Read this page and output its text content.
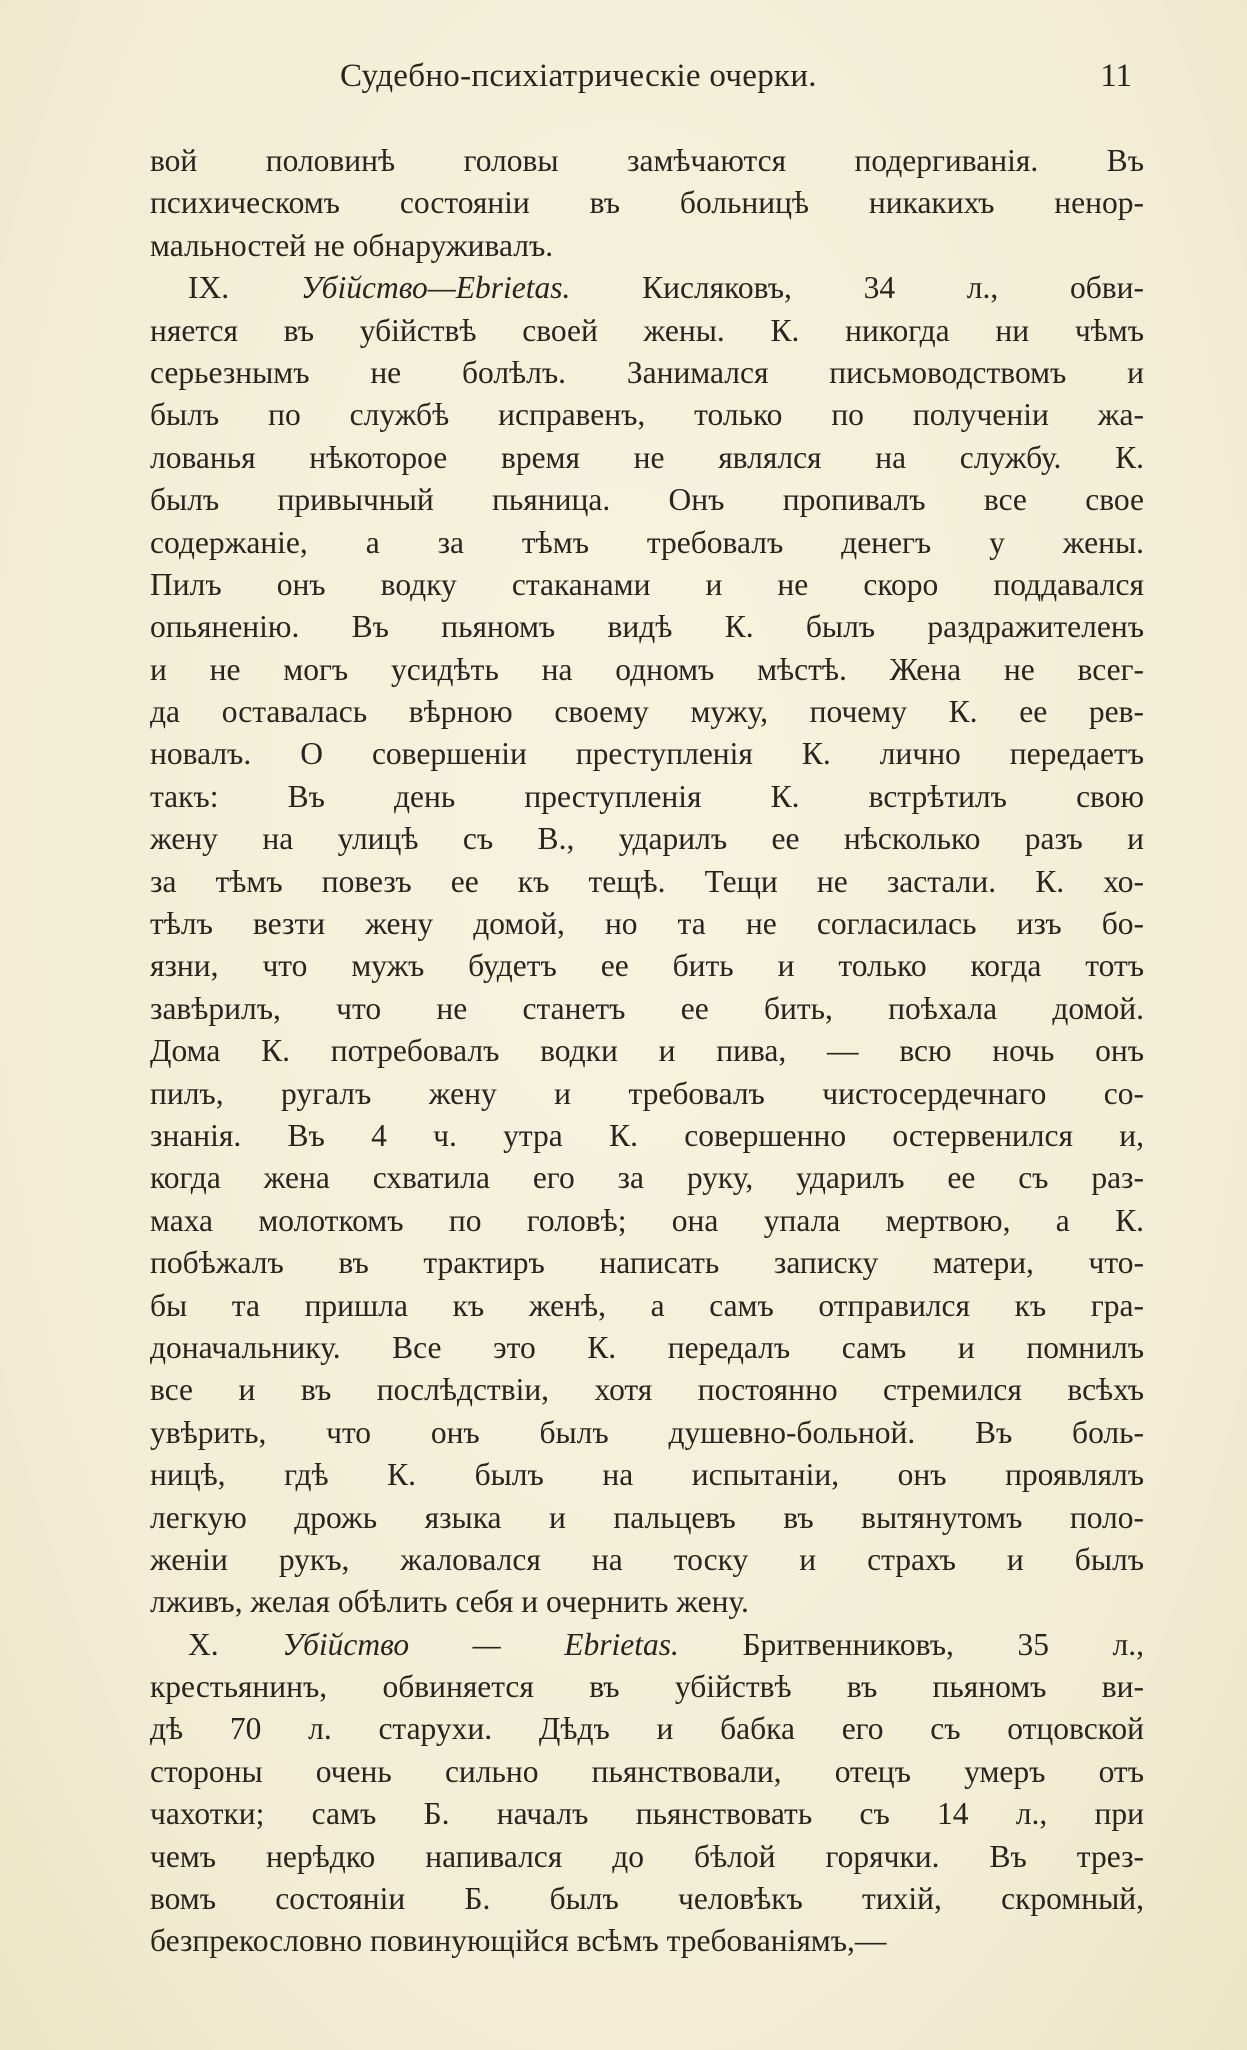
Судебно-психіатрическіе очерки.	11
вой половинѣ головы замѣчаются подергиванія. Въ
психическомъ состояніи въ больницѣ никакихъ ненор-
мальностей не обнаруживалъ.
IX. Убійство—Ebrietas. Кисляковъ, 34 л., обви-
няется въ убійствѣ своей жены. К. никогда ни чѣмъ
серьезнымъ не болѣлъ. Занимался письмоводствомъ и
былъ по службѣ исправенъ, только по полученіи жа-
лованья нѣкоторое время не являлся на службу. К.
былъ привычный пьяница. Онъ пропивалъ все свое
содержаніе, а за тѣмъ требовалъ денегъ у жены.
Пилъ онъ водку стаканами и не скоро поддавался
опьяненію. Въ пьяномъ видѣ К. былъ раздражителенъ
и не могъ усидѣть на одномъ мѣстѣ. Жена не всег-
да оставалась вѣрною своему мужу, почему К. ее рев-
новалъ. О совершеніи преступленія К. лично передаетъ
такъ: Въ день преступленія К. встрѣтилъ свою
жену на улицѣ съ В., ударилъ ее нѣсколько разъ и
за тѣмъ повезъ ее къ тещѣ. Тещи не застали. К. хо-
тѣлъ везти жену домой, но та не согласилась изъ бо-
язни, что мужъ будетъ ее бить и только когда тотъ
завѣрилъ, что не станетъ ее бить, поѣхала домой.
Дома К. потребовалъ водки и пива, — всю ночь онъ
пилъ, ругалъ жену и требовалъ чистосердечнаго со-
знанія. Въ 4 ч. утра К. совершенно остервенился и,
когда жена схватила его за руку, ударилъ ее съ раз-
маха молоткомъ по головѣ; она упала мертвою, а К.
побѣжалъ въ трактиръ написать записку матери, что-
бы та пришла къ женѣ, а самъ отправился къ гра-
доначальнику. Все это К. передалъ самъ и помнилъ
все и въ послѣдствіи, хотя постоянно стремился всѣхъ
увѣрить, что онъ былъ душевно-больной. Въ боль-
ницѣ, гдѣ К. былъ на испытаніи, онъ проявлялъ
легкую дрожь языка и пальцевъ въ вытянутомъ поло-
женіи рукъ, жаловался на тоску и страхъ и былъ
лживъ, желая обѣлить себя и очернить жену.
X. Убійство — Ebrietas. Бритвенниковъ, 35 л.,
крестьянинъ, обвиняется въ убійствѣ въ пьяномъ ви-
дѣ 70 л. старухи. Дѣдъ и бабка его съ отцовской
стороны очень сильно пьянствовали, отецъ умеръ отъ
чахотки; самъ Б. началъ пьянствовать съ 14 л., при
чемъ нерѣдко напивался до бѣлой горячки. Въ трез-
вомъ состояніи Б. былъ человѣкъ тихій, скромный,
безпрекословно повинующійся всѣмъ требованіямъ,—
